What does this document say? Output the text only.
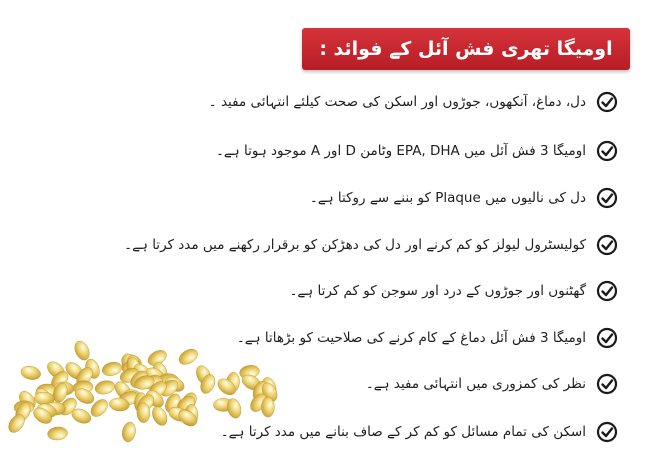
اومیگا تھری فش آئل کے فوائد :
دل، دماغ، آنکھوں، جوڑوں اور اسکن کی صحت کیلئے انتہائی مفید ۔
اومیگا 3 فش آئل میں EPA, DHA وٹامن D اور A موجود ہوتا ہے۔
دل کی نالیوں میں Plaque کو بننے سے روکتا ہے۔
کولیسٹرول لیولز کو کم کرنے اور دل کی دھڑکن کو برقرار رکھنے میں مدد کرتا ہے۔
گھٹنوں اور جوڑوں کے درد اور سوجن کو کم کرتا ہے۔
اومیگا 3 فش آئل دماغ کے کام کرنے کی صلاحیت کو بڑھاتا ہے۔
نظر کی کمزوری میں انتہائی مفید ہے۔
اسکن کی تمام مسائل کو کم کر کے صاف بنانے میں مدد کرتا ہے۔
